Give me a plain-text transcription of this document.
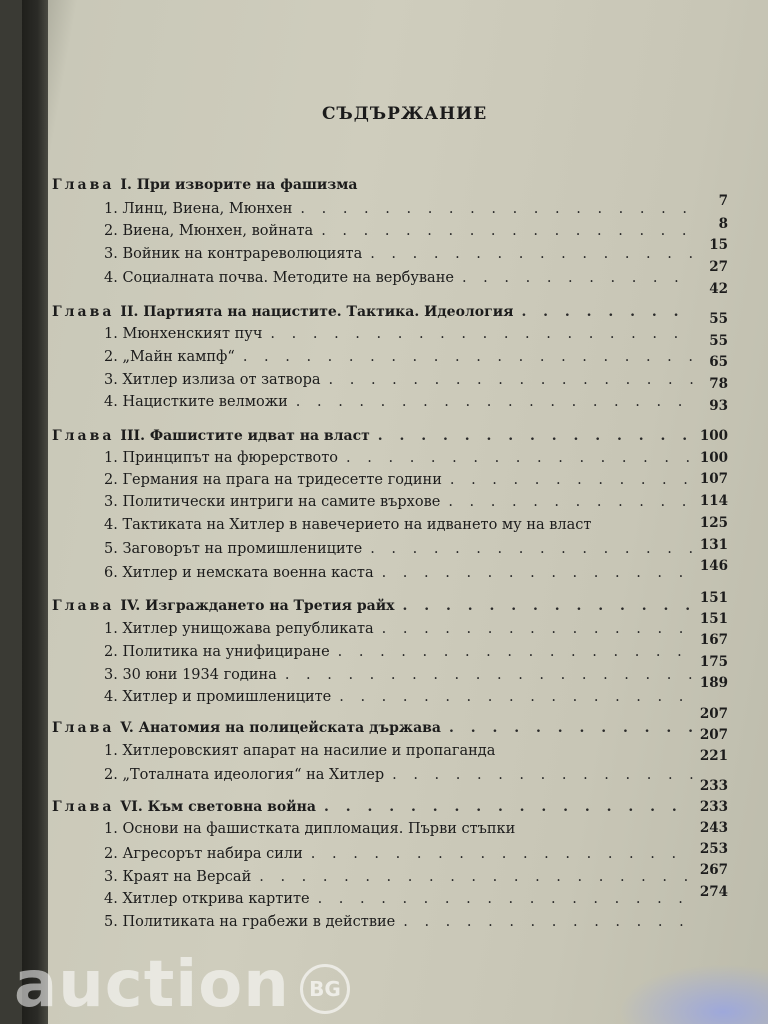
СЪДЪРЖАНИЕ
Глава I. При изворите на фашизма
1. Линц, Виена, Мюнхен
. . .
2. Виена, Мюнхен, войната
. . .
3. Войник на контрареволюцията
. . .
4. Социалната почва. Методите на вербуване
. . .
Глава II. Партията на нацистите. Тактика. Идеология
. . .
1. Мюнхенският пуч
. . .
2. „Майн кампф“
. . .
3. Хитлер излиза от затвора
. . .
4. Нацистките велможи
. . .
Глава III. Фашистите идват на власт
. . .
1. Принципът на фюрерството
. . .
2. Германия на прага на тридесетте години
. . .
3. Политически интриги на самите върхове
. . .
4. Тактиката на Хитлер в навечерието на идването му на власт
5. Заговорът на промишлениците
. . .
6. Хитлер и немската военна каста
. . .
Глава IV. Изграждането на Третия райх
. . .
1. Хитлер унищожава републиката
. . .
2. Политика на унифициране
. . .
3. 30 юни 1934 година
. . .
4. Хитлер и промишлениците
. . .
Глава V. Анатомия на полицейската държава
. . .
1. Хитлеровският апарат на насилие и пропаганда
2. „Тоталната идеология“ на Хитлер
. . .
Глава VI. Към световна война
. . .
1. Основи на фашистката дипломация. Първи стъпки
2. Агресорът набира сили
. . .
3. Краят на Версай
. . .
4. Хитлер открива картите
. . .
5. Политиката на грабежи в действие
. . .
7
8
15
27
42
55
55
65
78
93
100
100
107
114
125
131
146
151
151
167
175
189
207
207
221
233
233
243
253
267
274
auction BG
